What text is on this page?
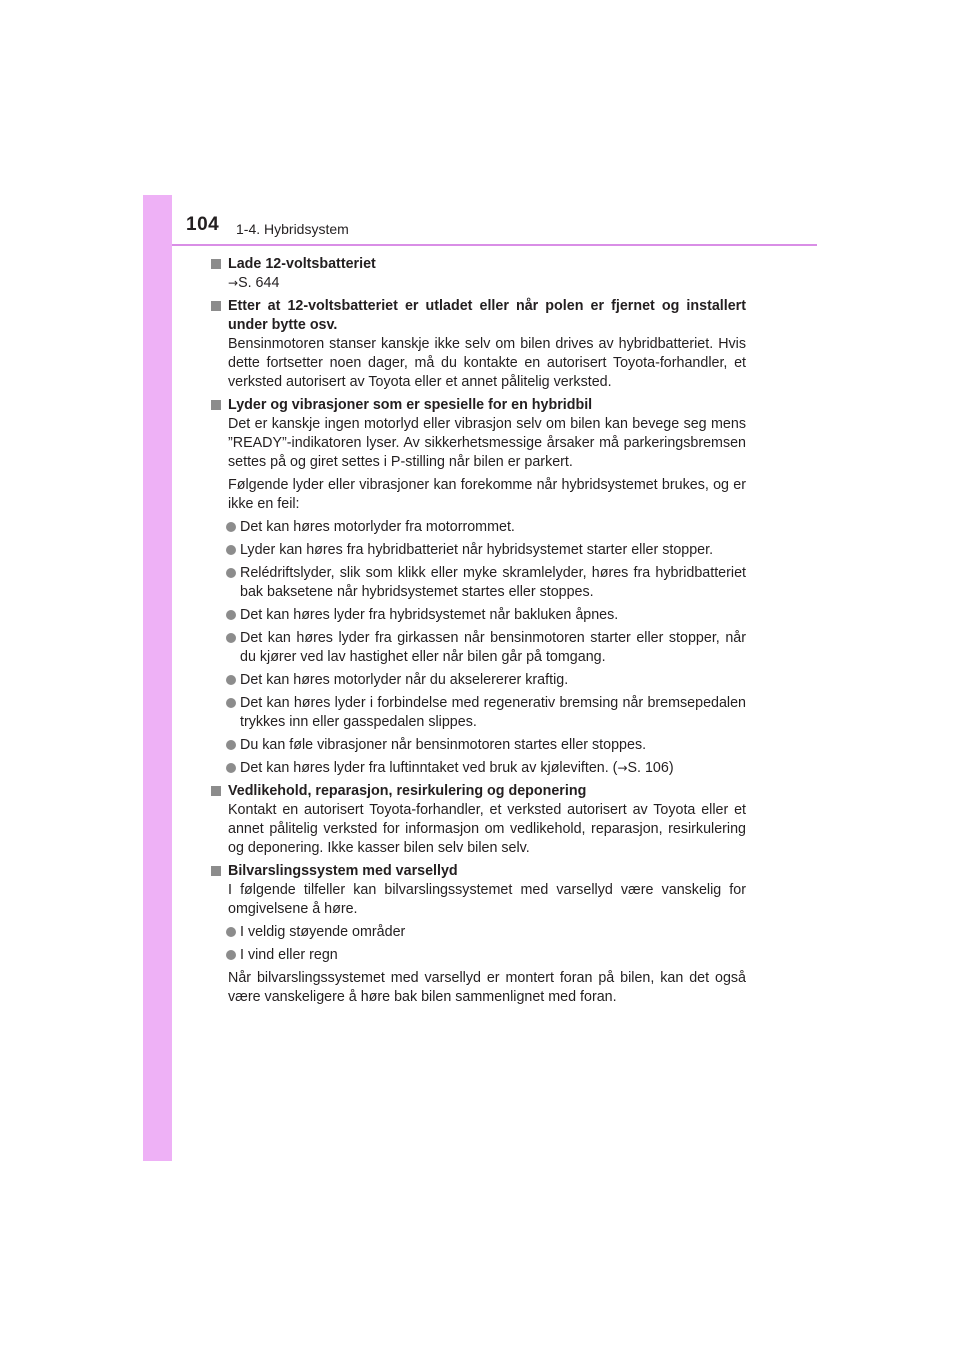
104 1-4. Hybridsystem
Lade 12-voltsbatteriet
→S. 644
Etter at 12-voltsbatteriet er utladet eller når polen er fjernet og installert under bytte osv.
Bensinmotoren stanser kanskje ikke selv om bilen drives av hybridbatteriet. Hvis dette fortsetter noen dager, må du kontakte en autorisert Toyota-forhandler, et verksted autorisert av Toyota eller et annet pålitelig verksted.
Lyder og vibrasjoner som er spesielle for en hybridbil
Det er kanskje ingen motorlyd eller vibrasjon selv om bilen kan bevege seg mens ”READY”-indikatoren lyser. Av sikkerhetsmessige årsaker må parkeringsbremsen settes på og giret settes i P-stilling når bilen er parkert.
Følgende lyder eller vibrasjoner kan forekomme når hybridsystemet brukes, og er ikke en feil:
Det kan høres motorlyder fra motorrommet.
Lyder kan høres fra hybridbatteriet når hybridsystemet starter eller stopper.
Relédriftslyder, slik som klikk eller myke skramlelyder, høres fra hybridbatteriet bak baksetene når hybridsystemet startes eller stoppes.
Det kan høres lyder fra hybridsystemet når bakluken åpnes.
Det kan høres lyder fra girkassen når bensinmotoren starter eller stopper, når du kjører ved lav hastighet eller når bilen går på tomgang.
Det kan høres motorlyder når du akselererer kraftig.
Det kan høres lyder i forbindelse med regenerativ bremsing når bremsepedalen trykkes inn eller gasspedalen slippes.
Du kan føle vibrasjoner når bensinmotoren startes eller stoppes.
Det kan høres lyder fra luftinntaket ved bruk av kjøleviften. (→S. 106)
Vedlikehold, reparasjon, resirkulering og deponering
Kontakt en autorisert Toyota-forhandler, et verksted autorisert av Toyota eller et annet pålitelig verksted for informasjon om vedlikehold, reparasjon, resirkulering og deponering. Ikke kasser bilen selv bilen selv.
Bilvarslingssystem med varsellyd
I følgende tilfeller kan bilvarslingssystemet med varsellyd være vanskelig for omgivelsene å høre.
I veldig støyende områder
I vind eller regn
Når bilvarslingssystemet med varsellyd er montert foran på bilen, kan det også være vanskeligere å høre bak bilen sammenlignet med foran.
